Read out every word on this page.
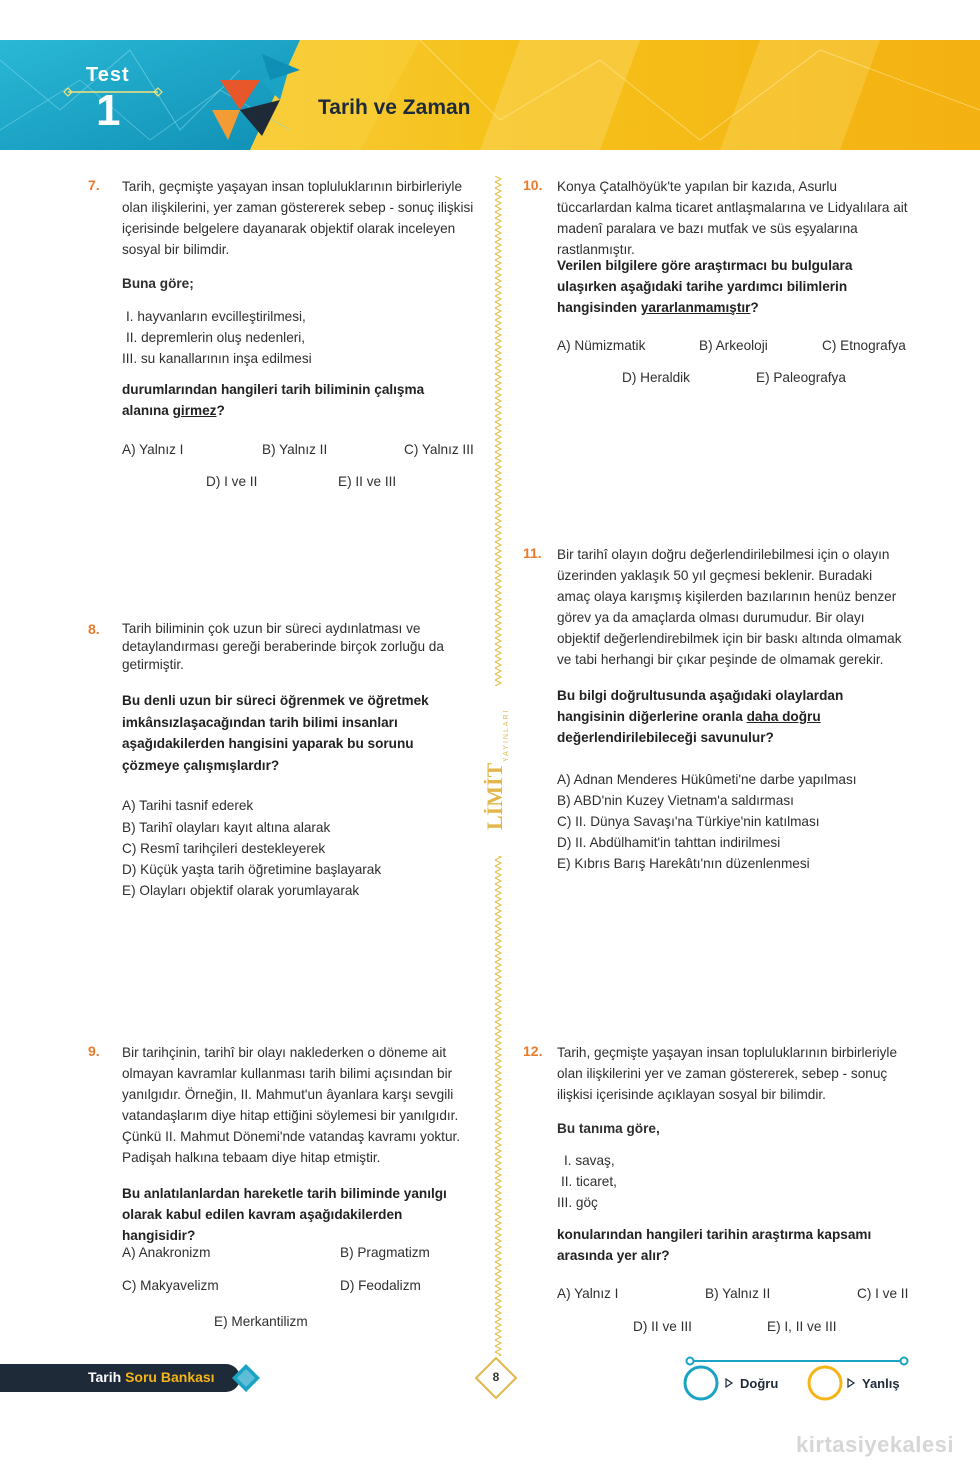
Test
1	Tarih ve Zaman
LİMİT
YAYINLARI
7. Tarih, geçmişte yaşayan insan topluluklarının birbirleriyle olan ilişkilerini, yer zaman göstererek sebep - sonuç ilişkisi içerisinde belgelere dayanarak objektif olarak inceleyen sosyal bir bilimdir.
Buna göre;
I. hayvanların evcilleştirilmesi,
II. depremlerin oluş nedenleri,
III. su kanallarının inşa edilmesi
durumlarından hangileri tarih biliminin çalışma alanına girmez?
A) Yalnız I	B) Yalnız II	C) Yalnız III
D) I ve II	E) II ve III
8. Tarih biliminin çok uzun bir süreci aydınlatması ve detaylandırması gereği beraberinde birçok zorluğu da getirmiştir.
Bu denli uzun bir süreci öğrenmek ve öğretmek imkânsızlaşacağından tarih bilimi insanları aşağıdakilerden hangisini yaparak bu sorunu çözmeye çalışmışlardır?
A) Tarihi tasnif ederek
B) Tarihî olayları kayıt altına alarak
C) Resmî tarihçileri destekleyerek
D) Küçük yaşta tarih öğretimine başlayarak
E) Olayları objektif olarak yorumlayarak
9. Bir tarihçinin, tarihî bir olayı naklederken o döneme ait olmayan kavramlar kullanması tarih bilimi açısından bir yanılgıdır. Örneğin, II. Mahmut'un âyanlara karşı sevgili vatandaşlarım diye hitap ettiğini söylemesi bir yanılgıdır. Çünkü II. Mahmut Dönemi'nde vatandaş kavramı yoktur. Padişah halkına tebaam diye hitap etmiştir.
Bu anlatılanlardan hareketle tarih biliminde yanılgı olarak kabul edilen kavram aşağıdakilerden hangisidir?
A) Anakronizm	B) Pragmatizm
C) Makyavelizm	D) Feodalizm
E) Merkantilizm
10. Konya Çatalhöyük'te yapılan bir kazıda, Asurlu tüccarlardan kalma ticaret antlaşmalarına ve Lidyalılara ait madenî paralara ve bazı mutfak ve süs eşyalarına rastlanmıştır.
Verilen bilgilere göre araştırmacı bu bulgulara ulaşırken aşağıdaki tarihe yardımcı bilimlerin hangisinden yararlanmamıştır?
A) Nümizmatik	B) Arkeoloji	C) Etnografya
D) Heraldik	E) Paleografya
11. Bir tarihî olayın doğru değerlendirilebilmesi için o olayın üzerinden yaklaşık 50 yıl geçmesi beklenir. Buradaki amaç olaya karışmış kişilerden bazılarının henüz benzer görev ya da amaçlarda olması durumudur. Bir olayı objektif değerlendirebilmek için bir baskı altında olmamak ve tabi herhangi bir çıkar peşinde de olmamak gerekir.
Bu bilgi doğrultusunda aşağıdaki olaylardan hangisinin diğerlerine oranla daha doğru değerlendirilebileceği savunulur?
A) Adnan Menderes Hükûmeti'ne darbe yapılması
B) ABD'nin Kuzey Vietnam'a saldırması
C) II. Dünya Savaşı'na Türkiye'nin katılması
D) II. Abdülhamit'in tahttan indirilmesi
E) Kıbrıs Barış Harekâtı'nın düzenlenmesi
12. Tarih, geçmişte yaşayan insan topluluklarının birbirleriyle olan ilişkilerini yer ve zaman göstererek, sebep - sonuç ilişkisi içerisinde açıklayan sosyal bir bilimdir.
Bu tanıma göre,
I. savaş,
II. ticaret,
III. göç
konularından hangileri tarihin araştırma kapsamı arasında yer alır?
A) Yalnız I	B) Yalnız II	C) I ve II
D) II ve III	E) I, II ve III
Tarih Soru Bankası	8	Doğru	Yanlış
kirtasiyekalesi
